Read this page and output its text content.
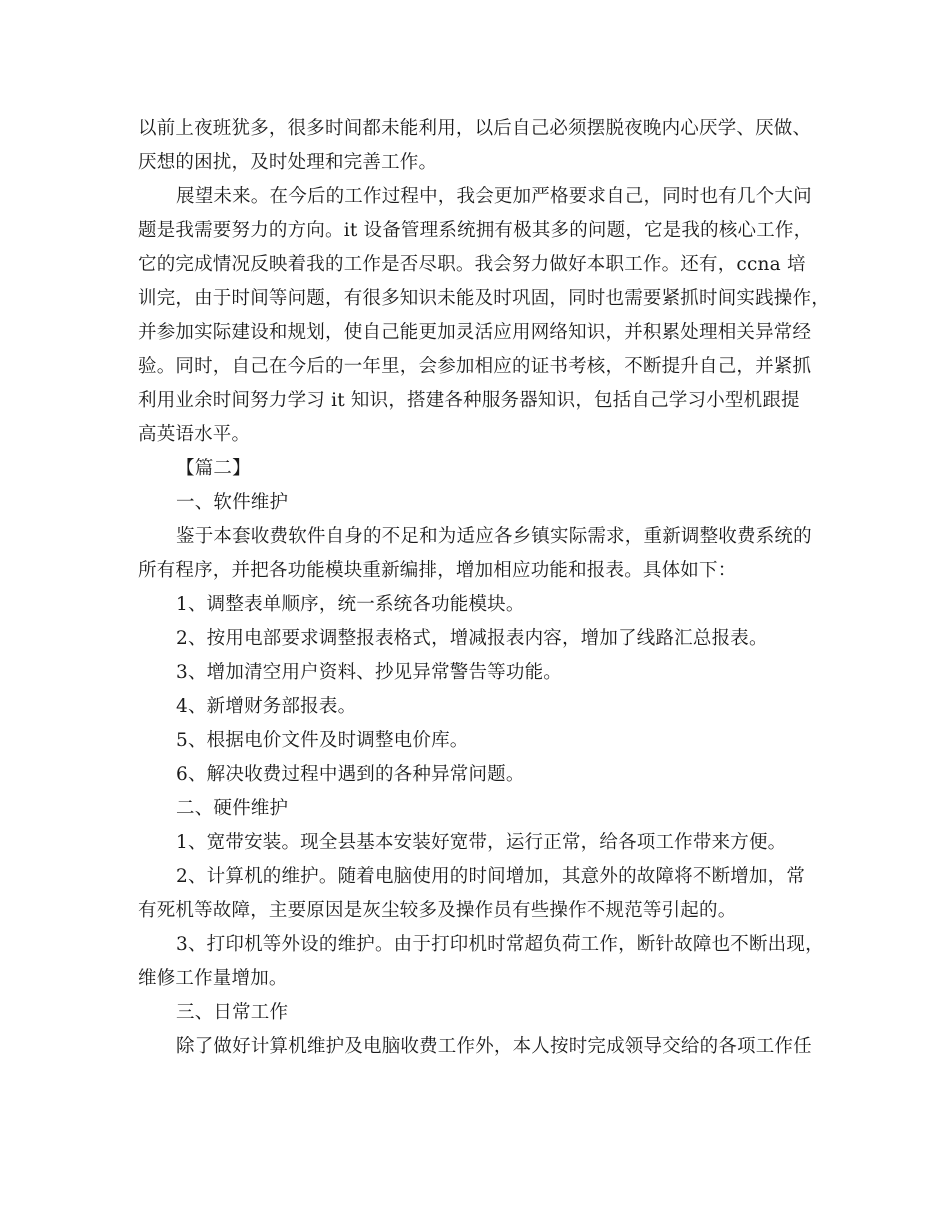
以前上夜班犹多，很多时间都未能利用，以后自己必须摆脱夜晚内心厌学、厌做、
厌想的困扰，及时处理和完善工作。
展望未来。在今后的工作过程中，我会更加严格要求自己，同时也有几个大问
题是我需要努力的方向。it 设备管理系统拥有极其多的问题，它是我的核心工作，
它的完成情况反映着我的工作是否尽职。我会努力做好本职工作。还有，ccna 培
训完，由于时间等问题，有很多知识未能及时巩固，同时也需要紧抓时间实践操作，
并参加实际建设和规划，使自己能更加灵活应用网络知识，并积累处理相关异常经
验。同时，自己在今后的一年里，会参加相应的证书考核，不断提升自己，并紧抓
利用业余时间努力学习 it 知识，搭建各种服务器知识，包括自己学习小型机跟提
高英语水平。
【篇二】
一、软件维护
鉴于本套收费软件自身的不足和为适应各乡镇实际需求，重新调整收费系统的
所有程序，并把各功能模块重新编排，增加相应功能和报表。具体如下：
1、调整表单顺序，统一系统各功能模块。
2、按用电部要求调整报表格式，增减报表内容，增加了线路汇总报表。
3、增加清空用户资料、抄见异常警告等功能。
4、新增财务部报表。
5、根据电价文件及时调整电价库。
6、解决收费过程中遇到的各种异常问题。
二、硬件维护
1、宽带安装。现全县基本安装好宽带，运行正常，给各项工作带来方便。
2、计算机的维护。随着电脑使用的时间增加，其意外的故障将不断增加，常
有死机等故障，主要原因是灰尘较多及操作员有些操作不规范等引起的。
3、打印机等外设的维护。由于打印机时常超负荷工作，断针故障也不断出现，
维修工作量增加。
三、日常工作
除了做好计算机维护及电脑收费工作外，本人按时完成领导交给的各项工作任
